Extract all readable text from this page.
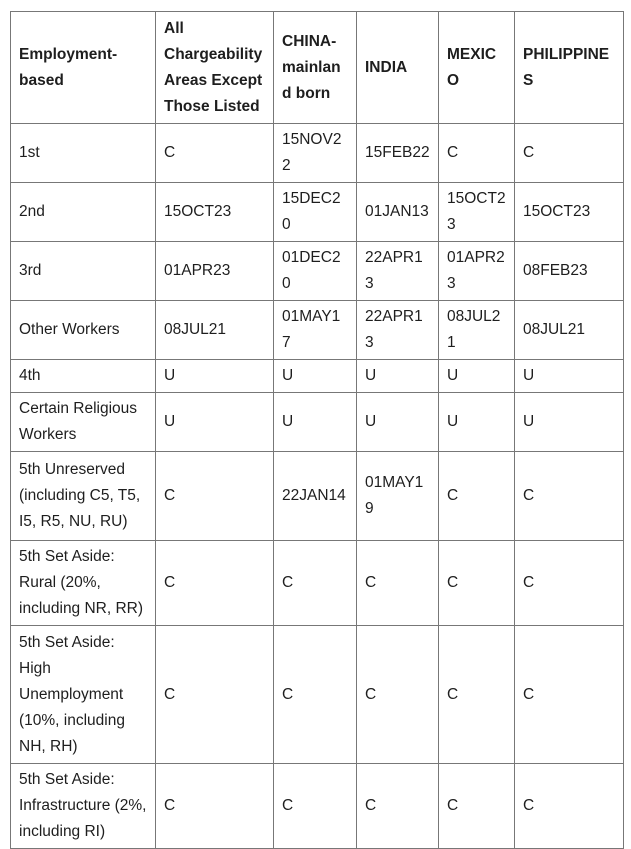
Employment-based	All Chargeability Areas Except Those Listed	CHINA-mainland born	INDIA	MEXICO	PHILIPPINES
1st	C	15NOV22	15FEB22	C	C
2nd	15OCT23	15DEC20	01JAN13	15OCT23	15OCT23
3rd	01APR23	01DEC20	22APR13	01APR23	08FEB23
Other Workers	08JUL21	01MAY17	22APR13	08JUL21	08JUL21
4th	U	U	U	U	U
Certain Religious Workers	U	U	U	U	U
5th Unreserved (including C5, T5, I5, R5, NU, RU)	C	22JAN14	01MAY19	C	C
5th Set Aside: Rural (20%, including NR, RR)	C	C	C	C	C
5th Set Aside: High Unemployment (10%, including NH, RH)	C	C	C	C	C
5th Set Aside: Infrastructure (2%, including RI)	C	C	C	C	C
